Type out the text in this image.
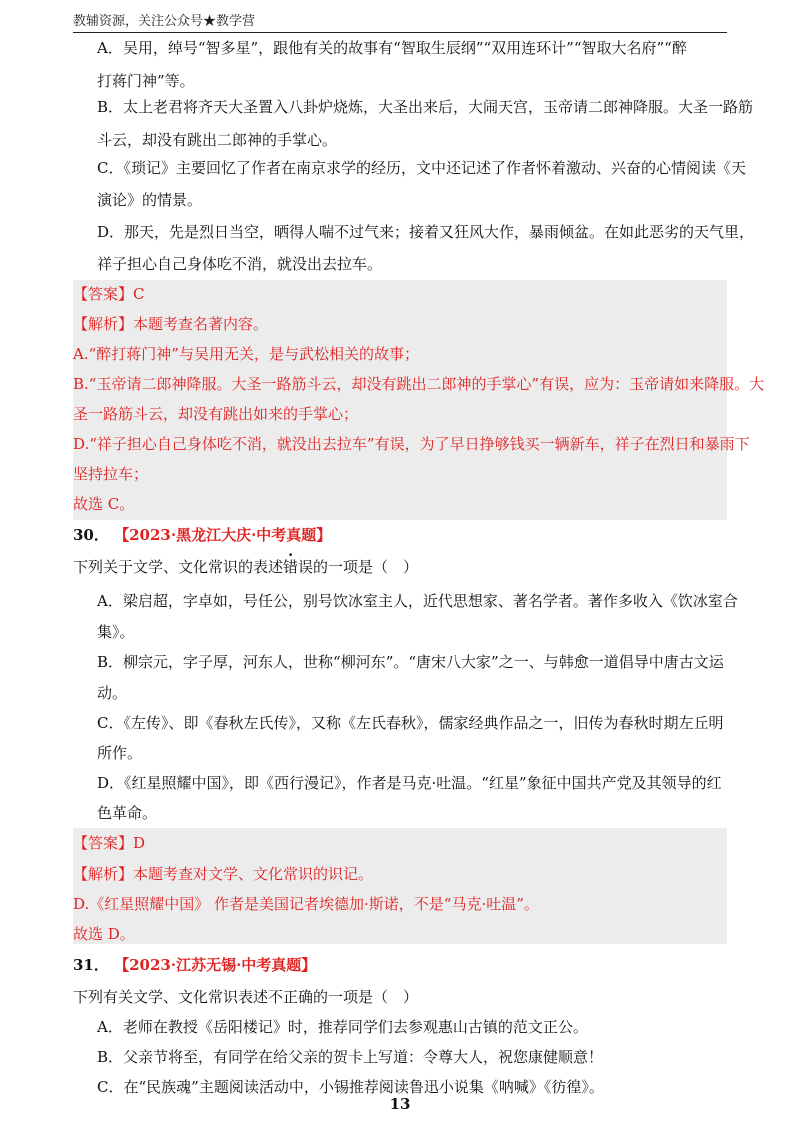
教辅资源，关注公众号★教学营
A．吴用，绰号“智多星”，跟他有关的故事有“智取生辰纲”“双用连环计”“智取大名府”“醉
打蒋门神”等。
B．太上老君将齐天大圣置入八卦炉烧炼，大圣出来后，大闹天宫，玉帝请二郎神降服。大圣一路筋
斗云，却没有跳出二郎神的手掌心。
C．《琐记》主要回忆了作者在南京求学的经历，文中还记述了作者怀着激动、兴奋的心情阅读《天
演论》的情景。
D．那天，先是烈日当空，晒得人喘不过气来；接着又狂风大作，暴雨倾盆。在如此恶劣的天气里，
祥子担心自己身体吃不消，就没出去拉车。
【答案】C
【解析】本题考查名著内容。
A.“醉打蒋门神”与吴用无关，是与武松相关的故事；
B.“玉帝请二郎神降服。大圣一路筋斗云，却没有跳出二郎神的手掌心”有误，应为：玉帝请如来降服。大
圣一路筋斗云，却没有跳出如来的手掌心；
D.“祥子担心自己身体吃不消，就没出去拉车”有误，为了早日挣够钱买一辆新车，祥子在烈日和暴雨下
坚持拉车；
故选 C。
30． 【2023·黑龙江大庆·中考真题】
下列关于文学、文化常识的表述错误的一项是（　）
A．梁启超，字卓如，号任公，别号饮冰室主人，近代思想家、著名学者。著作多收入《饮冰室合
集》。
B．柳宗元，字子厚，河东人，世称“柳河东”。“唐宋八大家”之一、与韩愈一道倡导中唐古文运
动。
C．《左传》、即《春秋左氏传》，又称《左氏春秋》，儒家经典作品之一，旧传为春秋时期左丘明
所作。
D．《红星照耀中国》，即《西行漫记》，作者是马克·吐温。“红星”象征中国共产党及其领导的红
色革命。
【答案】D
【解析】本题考查对文学、文化常识的识记。
D.《红星照耀中国》 作者是美国记者埃德加·斯诺，不是“马克·吐温”。
故选 D。
31． 【2023·江苏无锡·中考真题】
下列有关文学、文化常识表述不正确的一项是（　）
A．老师在教授《岳阳楼记》时，推荐同学们去参观惠山古镇的范文正公。
B．父亲节将至，有同学在给父亲的贺卡上写道：令尊大人，祝您康健顺意！
C．在“民族魂”主题阅读活动中，小锡推荐阅读鲁迅小说集《呐喊》《彷徨》。
13
